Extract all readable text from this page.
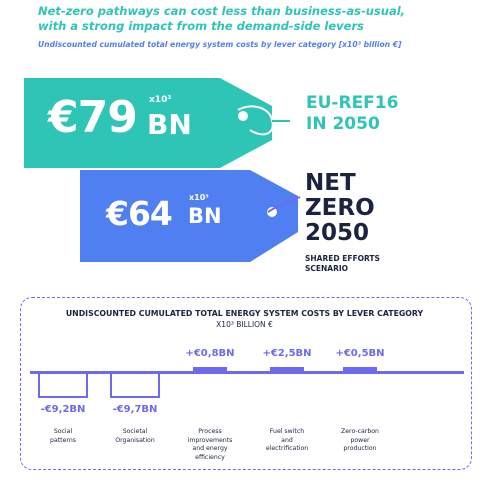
Net-zero pathways can cost less than business-as-usual,
with a strong impact from the demand-side levers
Undiscounted cumulated total energy system costs by lever category [x10³ billion €]
€79 x10³
BN
€64 x10³
BN
EU-REF16
IN 2050
NET
ZERO
2050
SHARED EFFORTS
SCENARIO
UNDISCOUNTED CUMULATED TOTAL ENERGY SYSTEM COSTS BY LEVER CATEGORY
X10³ BILLION €
-€9,2BN
Social
patterns
-€9,7BN
Societal
Organisation
+€0,8BN
Process
improvements
and energy
efficiency
+€2,5BN
Fuel switch
and
electrification
+€0,5BN
Zero-carbon
power
production
